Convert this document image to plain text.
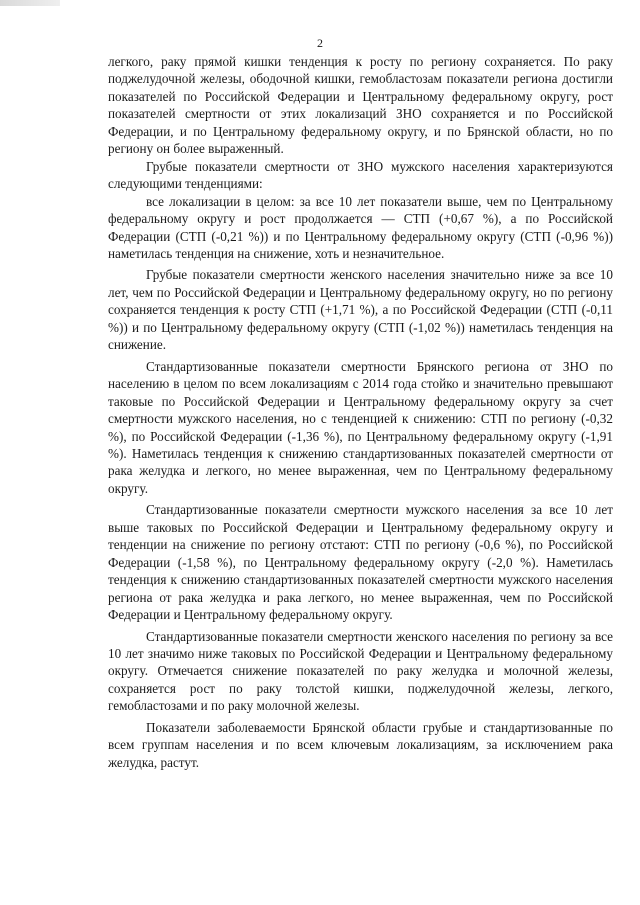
2

легкого, раку прямой кишки тенденция к росту по региону сохраняется. По раку поджелудочной железы, ободочной кишки, гемобластозам показатели региона достигли показателей по Российской Федерации и Центральному федеральному округу, рост показателей смертности от этих локализаций ЗНО сохраняется и по Российской Федерации, и по Центральному федеральному округу, и по Брянской области, но по региону он более выраженный.

Грубые показатели смертности от ЗНО мужского населения характеризуются следующими тенденциями:

все локализации в целом: за все 10 лет показатели выше, чем по Центральному федеральному округу и рост продолжается — СТП (+0,67 %), а по Российской Федерации (СТП (-0,21 %)) и по Центральному федеральному округу (СТП (-0,96 %)) наметилась тенденция на снижение, хоть и незначительное.

Грубые показатели смертности женского населения значительно ниже за все 10 лет, чем по Российской Федерации и Центральному федеральному округу, но по региону сохраняется тенденция к росту СТП (+1,71 %), а по Российской Федерации (СТП (-0,11 %)) и по Центральному федеральному округу (СТП (-1,02 %)) наметилась тенденция на снижение.

Стандартизованные показатели смертности Брянского региона от ЗНО по населению в целом по всем локализациям с 2014 года стойко и значительно превышают таковые по Российской Федерации и Центральному федеральному округу за счет смертности мужского населения, но с тенденцией к снижению: СТП по региону (-0,32 %), по Российской Федерации (-1,36 %), по Центральному федеральному округу (-1,91 %). Наметилась тенденция к снижению стандартизованных показателей смертности от рака желудка и легкого, но менее выраженная, чем по Центральному федеральному округу.

Стандартизованные показатели смертности мужского населения за все 10 лет выше таковых по Российской Федерации и Центральному федеральному округу и тенденции на снижение по региону отстают: СТП по региону (-0,6 %), по Российской Федерации (-1,58 %), по Центральному федеральному округу (-2,0 %). Наметилась тенденция к снижению стандартизованных показателей смертности мужского населения региона от рака желудка и рака легкого, но менее выраженная, чем по Российской Федерации и Центральному федеральному округу.

Стандартизованные показатели смертности женского населения по региону за все 10 лет значимо ниже таковых по Российской Федерации и Центральному федеральному округу. Отмечается снижение показателей по раку желудка и молочной железы, сохраняется рост по раку толстой кишки, поджелудочной железы, легкого, гемобластозами и по раку молочной железы.

Показатели заболеваемости Брянской области грубые и стандартизованные по всем группам населения и по всем ключевым локализациям, за исключением рака желудка, растут.
